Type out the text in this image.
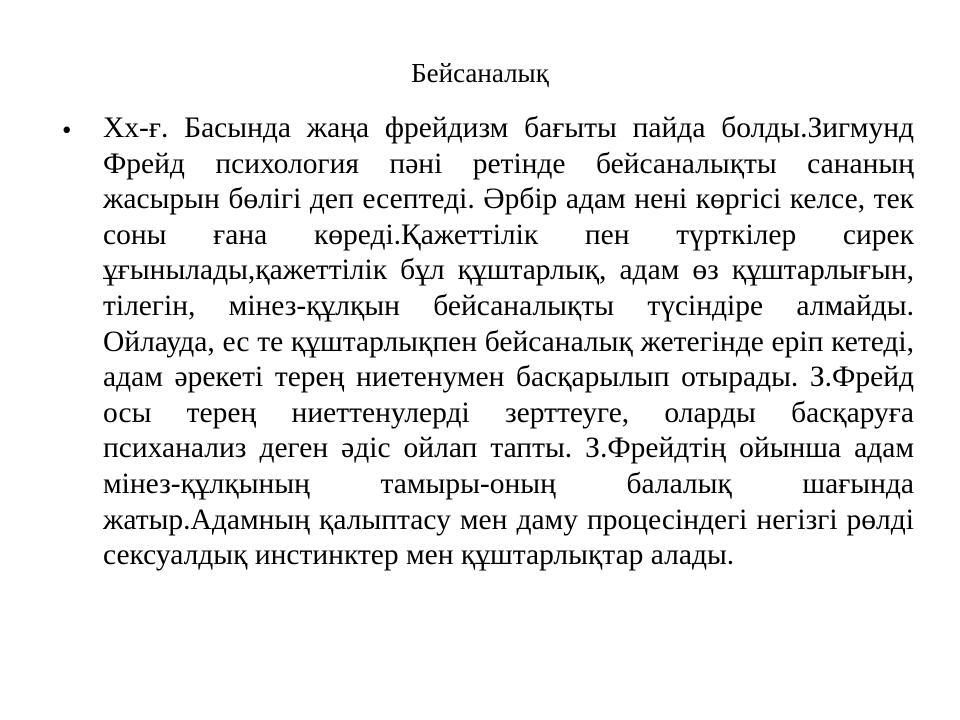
Бейсаналық
• Хх-ғ. Басында жаңа фрейдизм бағыты пайда болды.Зигмунд Фрейд психология пәні ретінде бейсаналықты сананың жасырын бөлігі деп есептеді. Әрбір адам нені көргісі келсе, тек соны ғана көреді.Қажеттілік пен түрткілер сирек ұғынылады,қажеттілік бұл құштарлық, адам өз құштарлығын, тілегін, мінез-құлқын бейсаналықты түсіндіре алмайды. Ойлауда, ес те құштарлықпен бейсаналық жетегінде еріп кетеді, адам әрекеті терең ниетенумен басқарылып отырады. З.Фрейд осы терең ниеттенулерді зерттеуге, оларды басқаруға психанализ деген әдіс ойлап тапты. З.Фрейдтің ойынша адам мінез-құлқының тамыры-оның балалық шағында жатыр.Адамның қалыптасу мен даму процесіндегі негізгі рөлді сексуалдық инстинктер мен құштарлықтар алады.
